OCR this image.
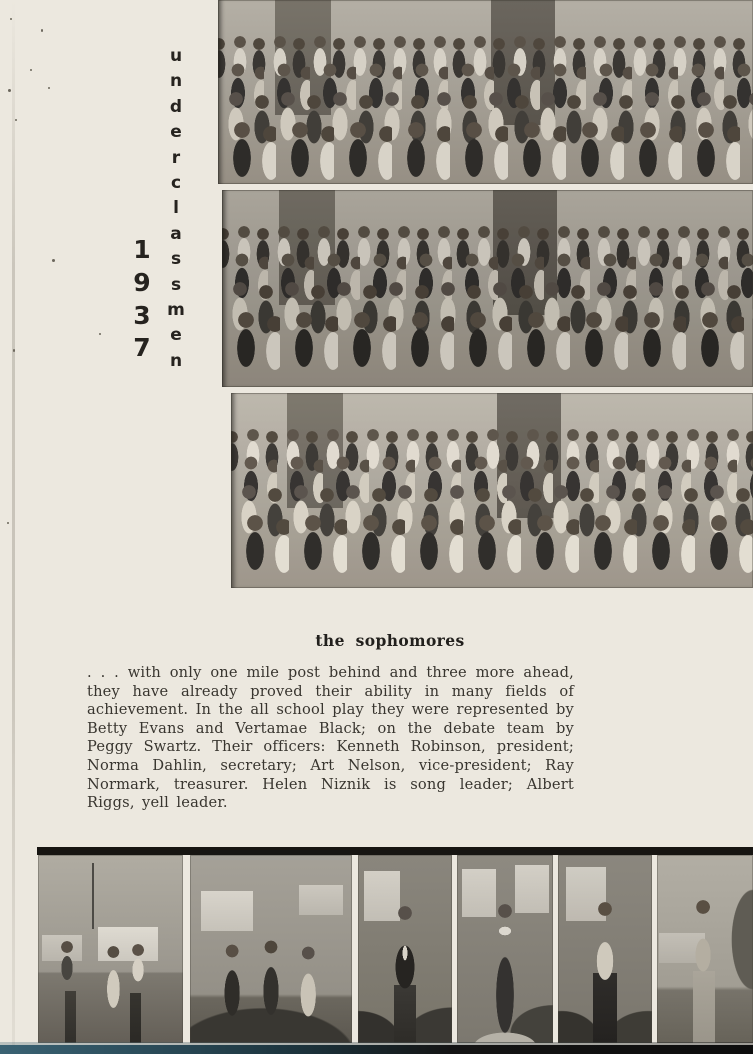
1
9
3
7
u
n
d
e
r
c
l
a
s
s
m
e
n
the sophomores

. . . with only one mile post behind and three more ahead, they have already proved their ability in many fields of achievement. In the all school play they were represented by Betty Evans and Vertamae Black; on the debate team by Peggy Swartz. Their officers: Kenneth Robinson, president; Norma Dahlin, secretary; Art Nelson, vice-president; Ray Normark, treasurer. Helen Niznik is song leader; Albert Riggs, yell leader.
